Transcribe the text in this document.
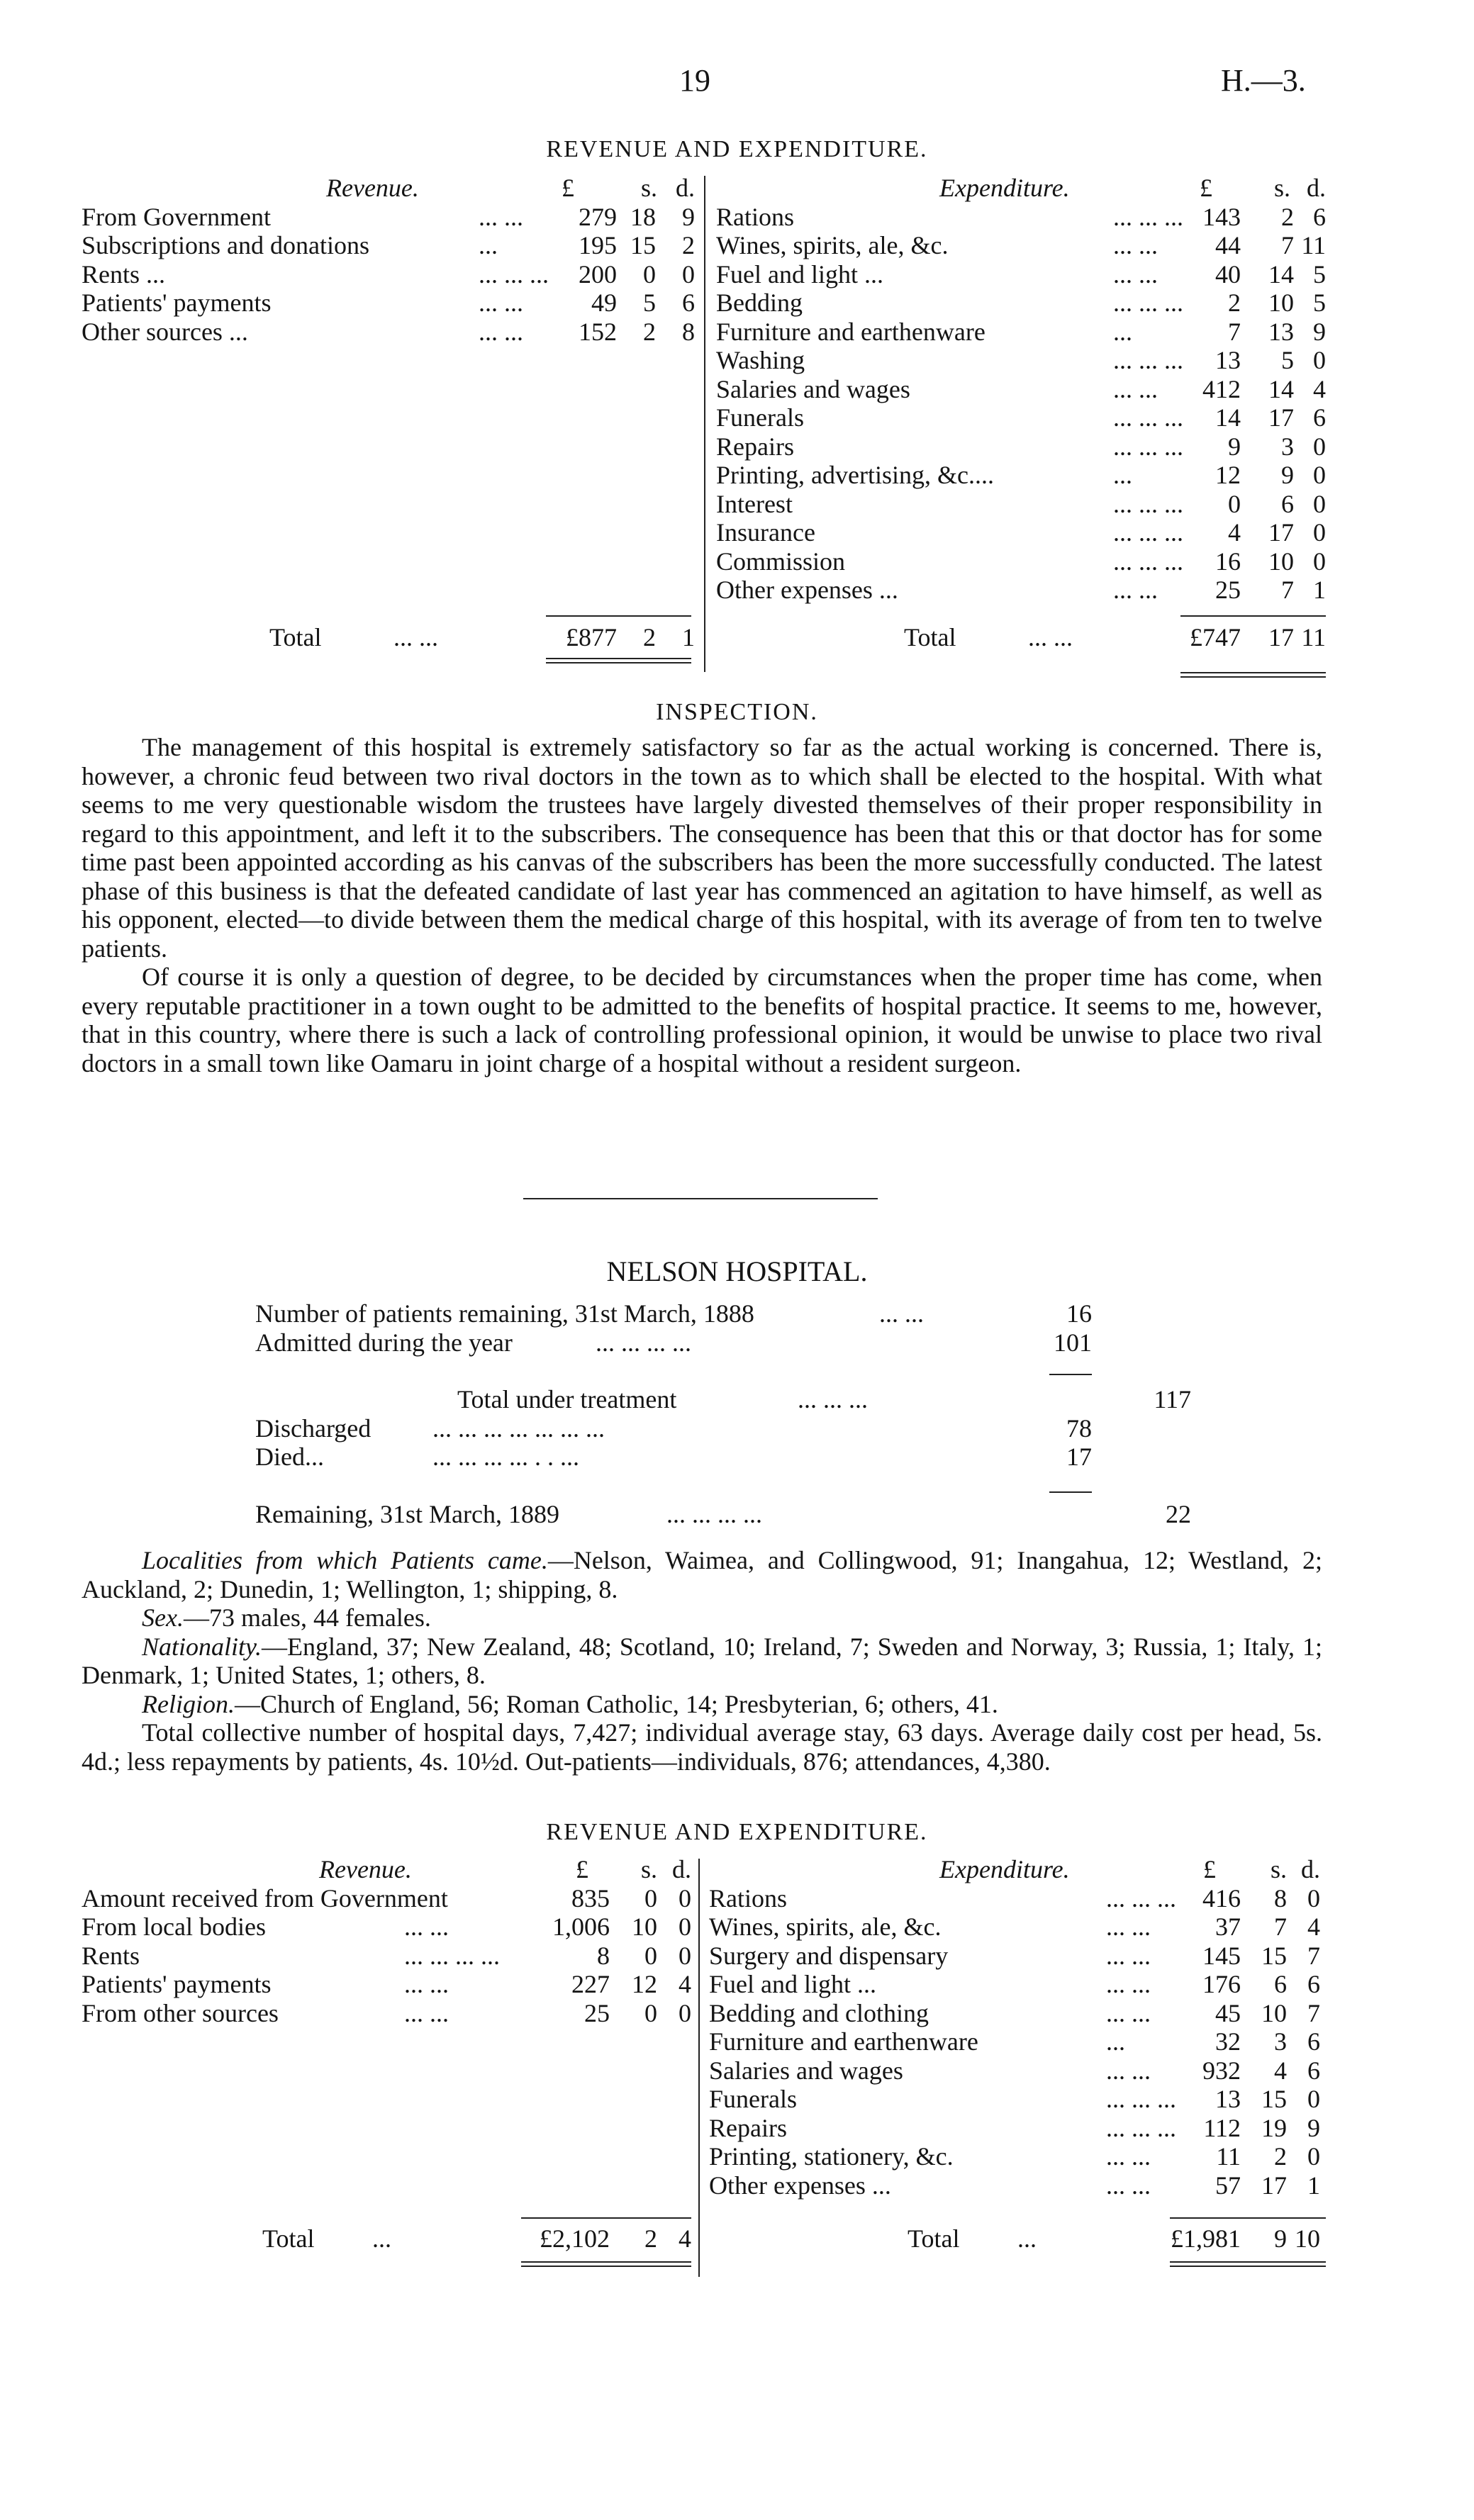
19	H.—3.
REVENUE AND EXPENDITURE.
Revenue.	£	s. d.
From Government	... ... 279 18 9
Subscriptions and donations	...	195 15 2
Rents ...	... ... ... 200 0 0
Patients' payments	... ...	49 5 6
Other sources ...	... ... 152 2 8
Total	... ...	£877 2 1
Expenditure.	£ s. d.
Rations	... ... ... 143 2 6
Wines, spirits, ale, &c.	... ... 44 7 11
Fuel and light ...	... ... 40 14 5
Bedding	... ... ... 2 10 5
Furniture and earthenware	...	7 13 9
Washing	... ... ... 13 5 0
Salaries and wages	... ... 412 14 4
Funerals	... ... ... 14 17 6
Repairs	... ... ... 9 3 0
Printing, advertising, &c....	...	12 9 0
Interest	... ... ... 0 6 0
Insurance	... ... ... 4 17 0
Commission	... ... ... 16 10 0
Other expenses ...	... ... 25 7 1
Total	... ...	£747 17 11
INSPECTION.

The management of this hospital is extremely satisfactory so far as the actual working is concerned. There is, however, a chronic feud between two rival doctors in the town as to which shall be elected to the hospital. With what seems to me very questionable wisdom the trustees have largely divested themselves of their proper responsibility in regard to this appointment, and left it to the subscribers. The consequence has been that this or that doctor has for some time past been appointed according as his canvas of the subscribers has been the more successfully conducted. The latest phase of this business is that the defeated candidate of last year has commenced an agitation to have himself, as well as his opponent, elected—to divide between them the medical charge of this hospital, with its average of from ten to twelve patients.

Of course it is only a question of degree, to be decided by circumstances when the proper time has come, when every reputable practitioner in a town ought to be admitted to the benefits of hospital practice. It seems to me, however, that in this country, where there is such a lack of controlling professional opinion, it would be unwise to place two rival doctors in a small town like Oamaru in joint charge of a hospital without a resident surgeon.

NELSON HOSPITAL.
Number of patients remaining, 31st March, 1888	... ...	16
Admitted during the year	... ... ... ...	101
Total under treatment	... ... ...	117
Discharged ... ... ... ... ... ... ...	78
Died...	... ... ... ... . . ...	17
Remaining, 31st March, 1889	... ... ... ...	22

Localities from which Patients came.—Nelson, Waimea, and Collingwood, 91; Inangahua, 12; Westland, 2; Auckland, 2; Dunedin, 1; Wellington, 1; shipping, 8.

Sex.—73 males, 44 females.

Nationality.—England, 37; New Zealand, 48; Scotland, 10; Ireland, 7; Sweden and Norway, 3; Russia, 1; Italy, 1; Denmark, 1; United States, 1; others, 8.

Religion.—Church of England, 56; Roman Catholic, 14; Presbyterian, 6; others, 41.

Total collective number of hospital days, 7,427; individual average stay, 63 days. Average daily cost per head, 5s. 4d.; less repayments by patients, 4s. 10½d. Out-patients—individuals, 876; attendances, 4,380.

REVENUE AND EXPENDITURE.
Revenue.	£ s. d.
Amount received from Government	835 0 0
From local bodies	... ...	1,006 10 0
Rents	... ... ... ...	8 0 0
Patients' payments	... ...	227 12 4
From other sources	... ...	25 0 0
Total ...	£2,102 2 4
Expenditure.	£ s. d.
Rations	... ... ... 416 8 0
Wines, spirits, ale, &c.	... ...	37 7 4
Surgery and dispensary	... ... 145 15 7
Fuel and light ...	... ... 176 6 6
Bedding and clothing	... ...	45 10 7
Furniture and earthenware	...	32 3 6
Salaries and wages	... ... 932 4 6
Funerals	... ... ... 13 15 0
Repairs	... ... ... 112 19 9
Printing, stationery, &c.	... ...	11 2 0
Other expenses ...	... ...	57 17 1
Total ...	£1,981 9 10
